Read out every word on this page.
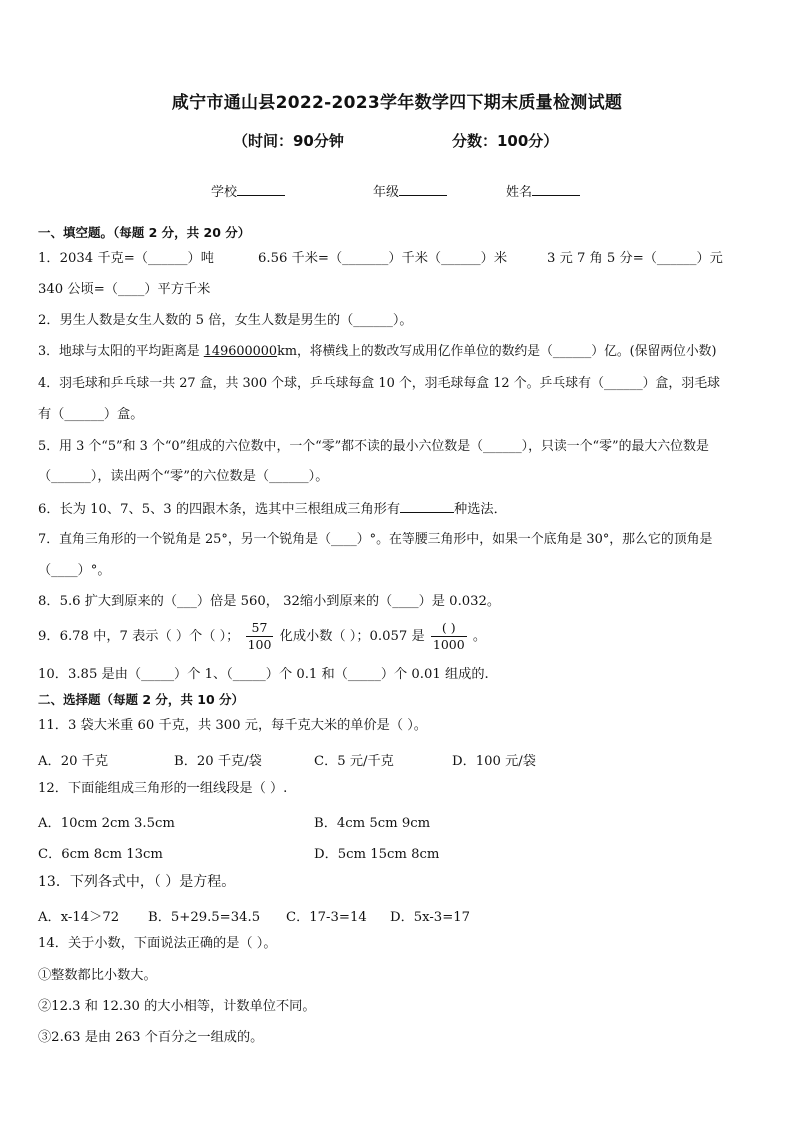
咸宁市通山县2022-2023学年数学四下期末质量检测试题
（时间：90分钟	分数：100分）
学校	年级	姓名
一、填空题。（每题 2 分，共 20 分）
1．2034 千克=（______）吨	6.56 千米=（_______）千米（______）米	3 元 7 角 5 分=（______）元
340 公顷=（____）平方千米
2．男生人数是女生人数的 5 倍，女生人数是男生的（______）。
3．地球与太阳的平均距离是 149600000km，将横线上的数改写成用亿作单位的数约是（______）亿。(保留两位小数)
4．羽毛球和乒乓球一共 27 盒，共 300 个球，乒乓球每盒 10 个，羽毛球每盒 12 个。乒乓球有（______）盒，羽毛球
有（______）盒。
5．用 3 个“5”和 3 个“0”组成的六位数中，一个“零”都不读的最小六位数是（______），只读一个“零”的最大六位数是
（______），读出两个“零”的六位数是（______）。
6．长为 10、7、5、3 的四跟木条，选其中三根组成三角形有	种选法．
7．直角三角形的一个锐角是 25°，另一个锐角是（____）°。在等腰三角形中，如果一个底角是 30°，那么它的顶角是
（____）°。
8．5.6 扩大到原来的（___）倍是 560， 32缩小到原来的（____）是 0.032。
9．6.78 中，7 表示（ ）个（ ）； $\frac{57}{100}$ 化成小数（ ）；0.057 是 $\frac{( )}{1000}$ 。
10．3.85 是由（_____）个 1、（_____）个 0.1 和（_____）个 0.01 组成的.
二、选择题（每题 2 分，共 10 分）
11．3 袋大米重 60 千克，共 300 元，每千克大米的单价是（ ）。
A．20 千克	B．20 千克/袋	C．5 元/千克	D．100 元/袋
12．下面能组成三角形的一组线段是（ ）.
A．10cm 2cm 3.5cm	B．4cm 5cm 9cm
C．6cm 8cm 13cm	D．5cm 15cm 8cm
13．下列各式中，（ ）是方程。
A．x-14＞72 B．5+29.5=34.5 C．17-3=14 D．5x-3=17
14．关于小数，下面说法正确的是（ ）。
①整数都比小数大。
②12.3 和 12.30 的大小相等，计数单位不同。
③2.63 是由 263 个百分之一组成的。
